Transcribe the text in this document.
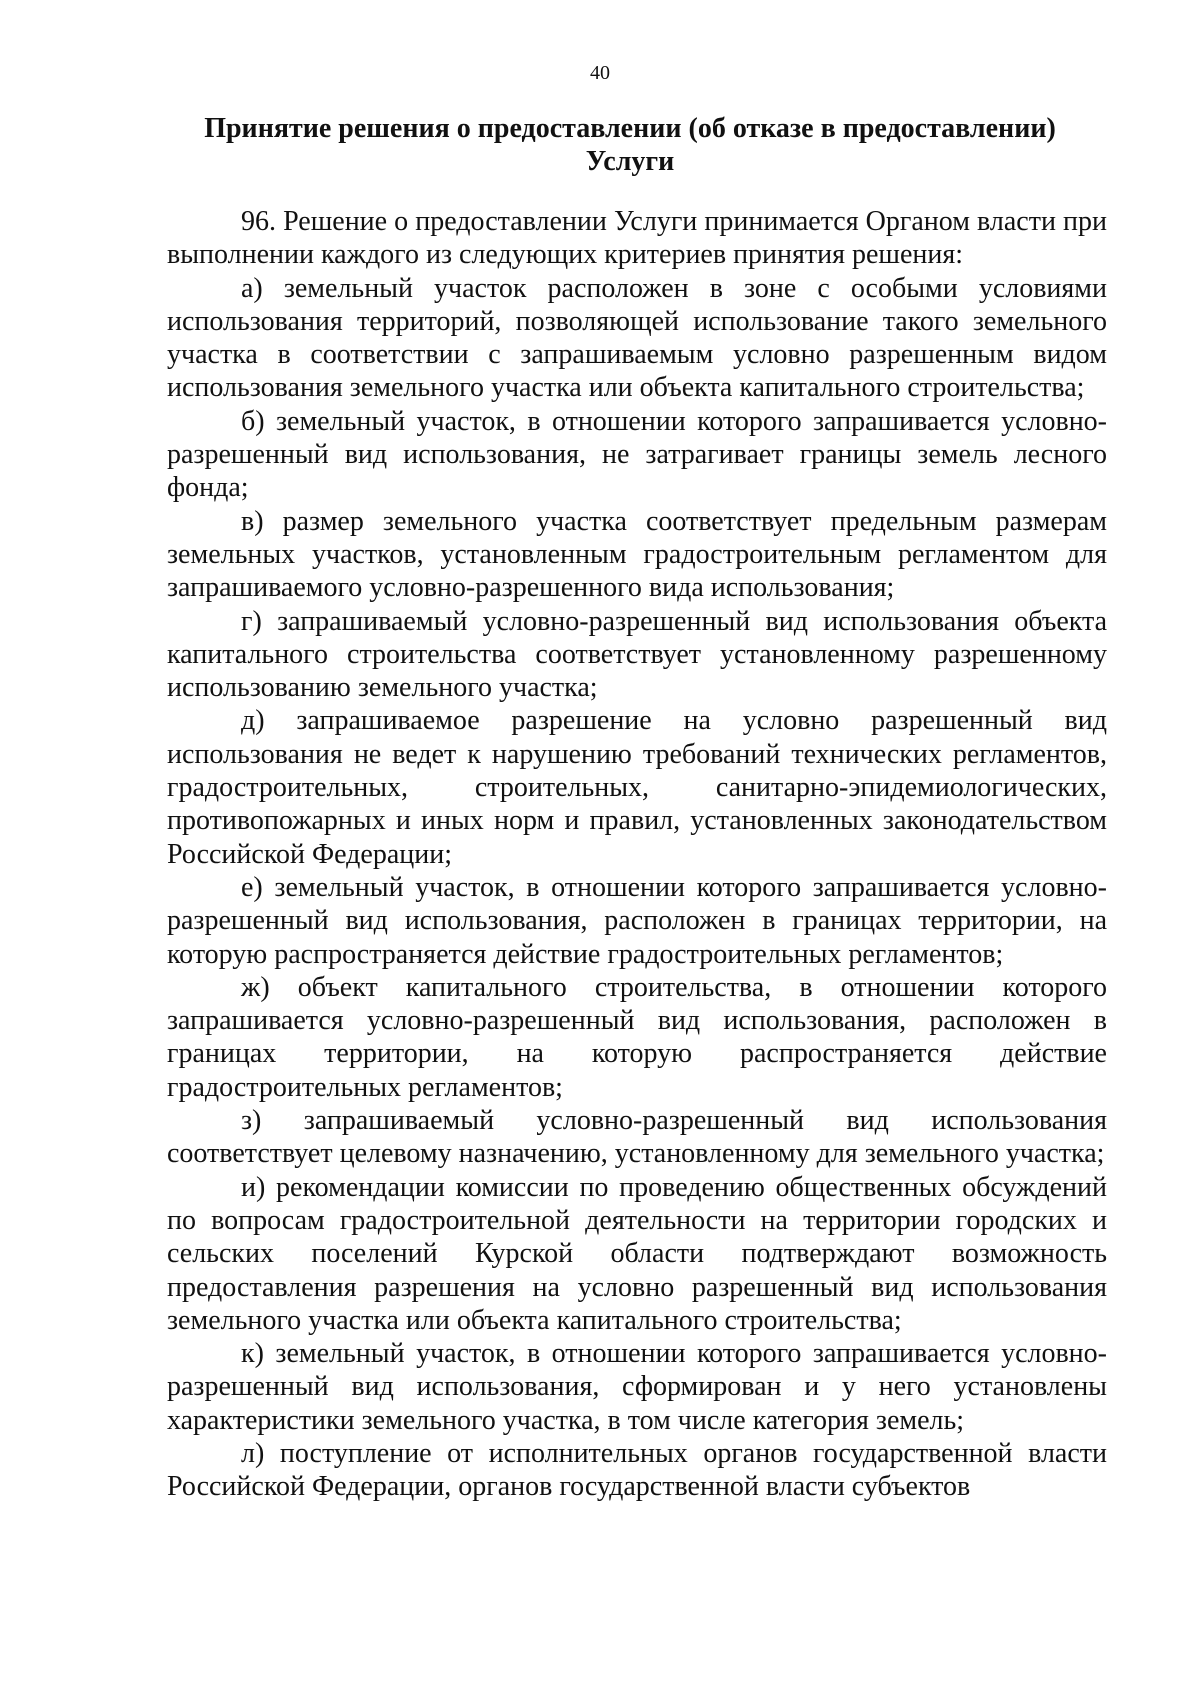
40
Принятие решения о предоставлении (об отказе в предоставлении)
Услуги

96. Решение о предоставлении Услуги принимается Органом власти при выполнении каждого из следующих критериев принятия решения:

а) земельный участок расположен в зоне с особыми условиями использования территорий, позволяющей использование такого земельного участка в соответствии с запрашиваемым условно разрешенным видом использования земельного участка или объекта капитального строительства;

б) земельный участок, в отношении которого запрашивается условно-разрешенный вид использования, не затрагивает границы земель лесного фонда;

в) размер земельного участка соответствует предельным размерам земельных участков, установленным градостроительным регламентом для запрашиваемого условно-разрешенного вида использования;

г) запрашиваемый условно-разрешенный вид использования объекта капитального строительства соответствует установленному разрешенному использованию земельного участка;

д) запрашиваемое разрешение на условно разрешенный вид использования не ведет к нарушению требований технических регламентов, градостроительных, строительных, санитарно-эпидемиологических, противопожарных и иных норм и правил, установленных законодательством Российской Федерации;

е) земельный участок, в отношении которого запрашивается условно-разрешенный вид использования, расположен в границах территории, на которую распространяется действие градостроительных регламентов;

ж) объект капитального строительства, в отношении которого запрашивается условно-разрешенный вид использования, расположен в границах территории, на которую распространяется действие градостроительных регламентов;

з) запрашиваемый условно-разрешенный вид использования соответствует целевому назначению, установленному для земельного участка;

и) рекомендации комиссии по проведению общественных обсуждений по вопросам градостроительной деятельности на территории городских и сельских поселений Курской области подтверждают возможность предоставления разрешения на условно разрешенный вид использования земельного участка или объекта капитального строительства;

к) земельный участок, в отношении которого запрашивается условно-разрешенный вид использования, сформирован и у него установлены характеристики земельного участка, в том числе категория земель;

л) поступление от исполнительных органов государственной власти Российской Федерации, органов государственной власти субъектов
